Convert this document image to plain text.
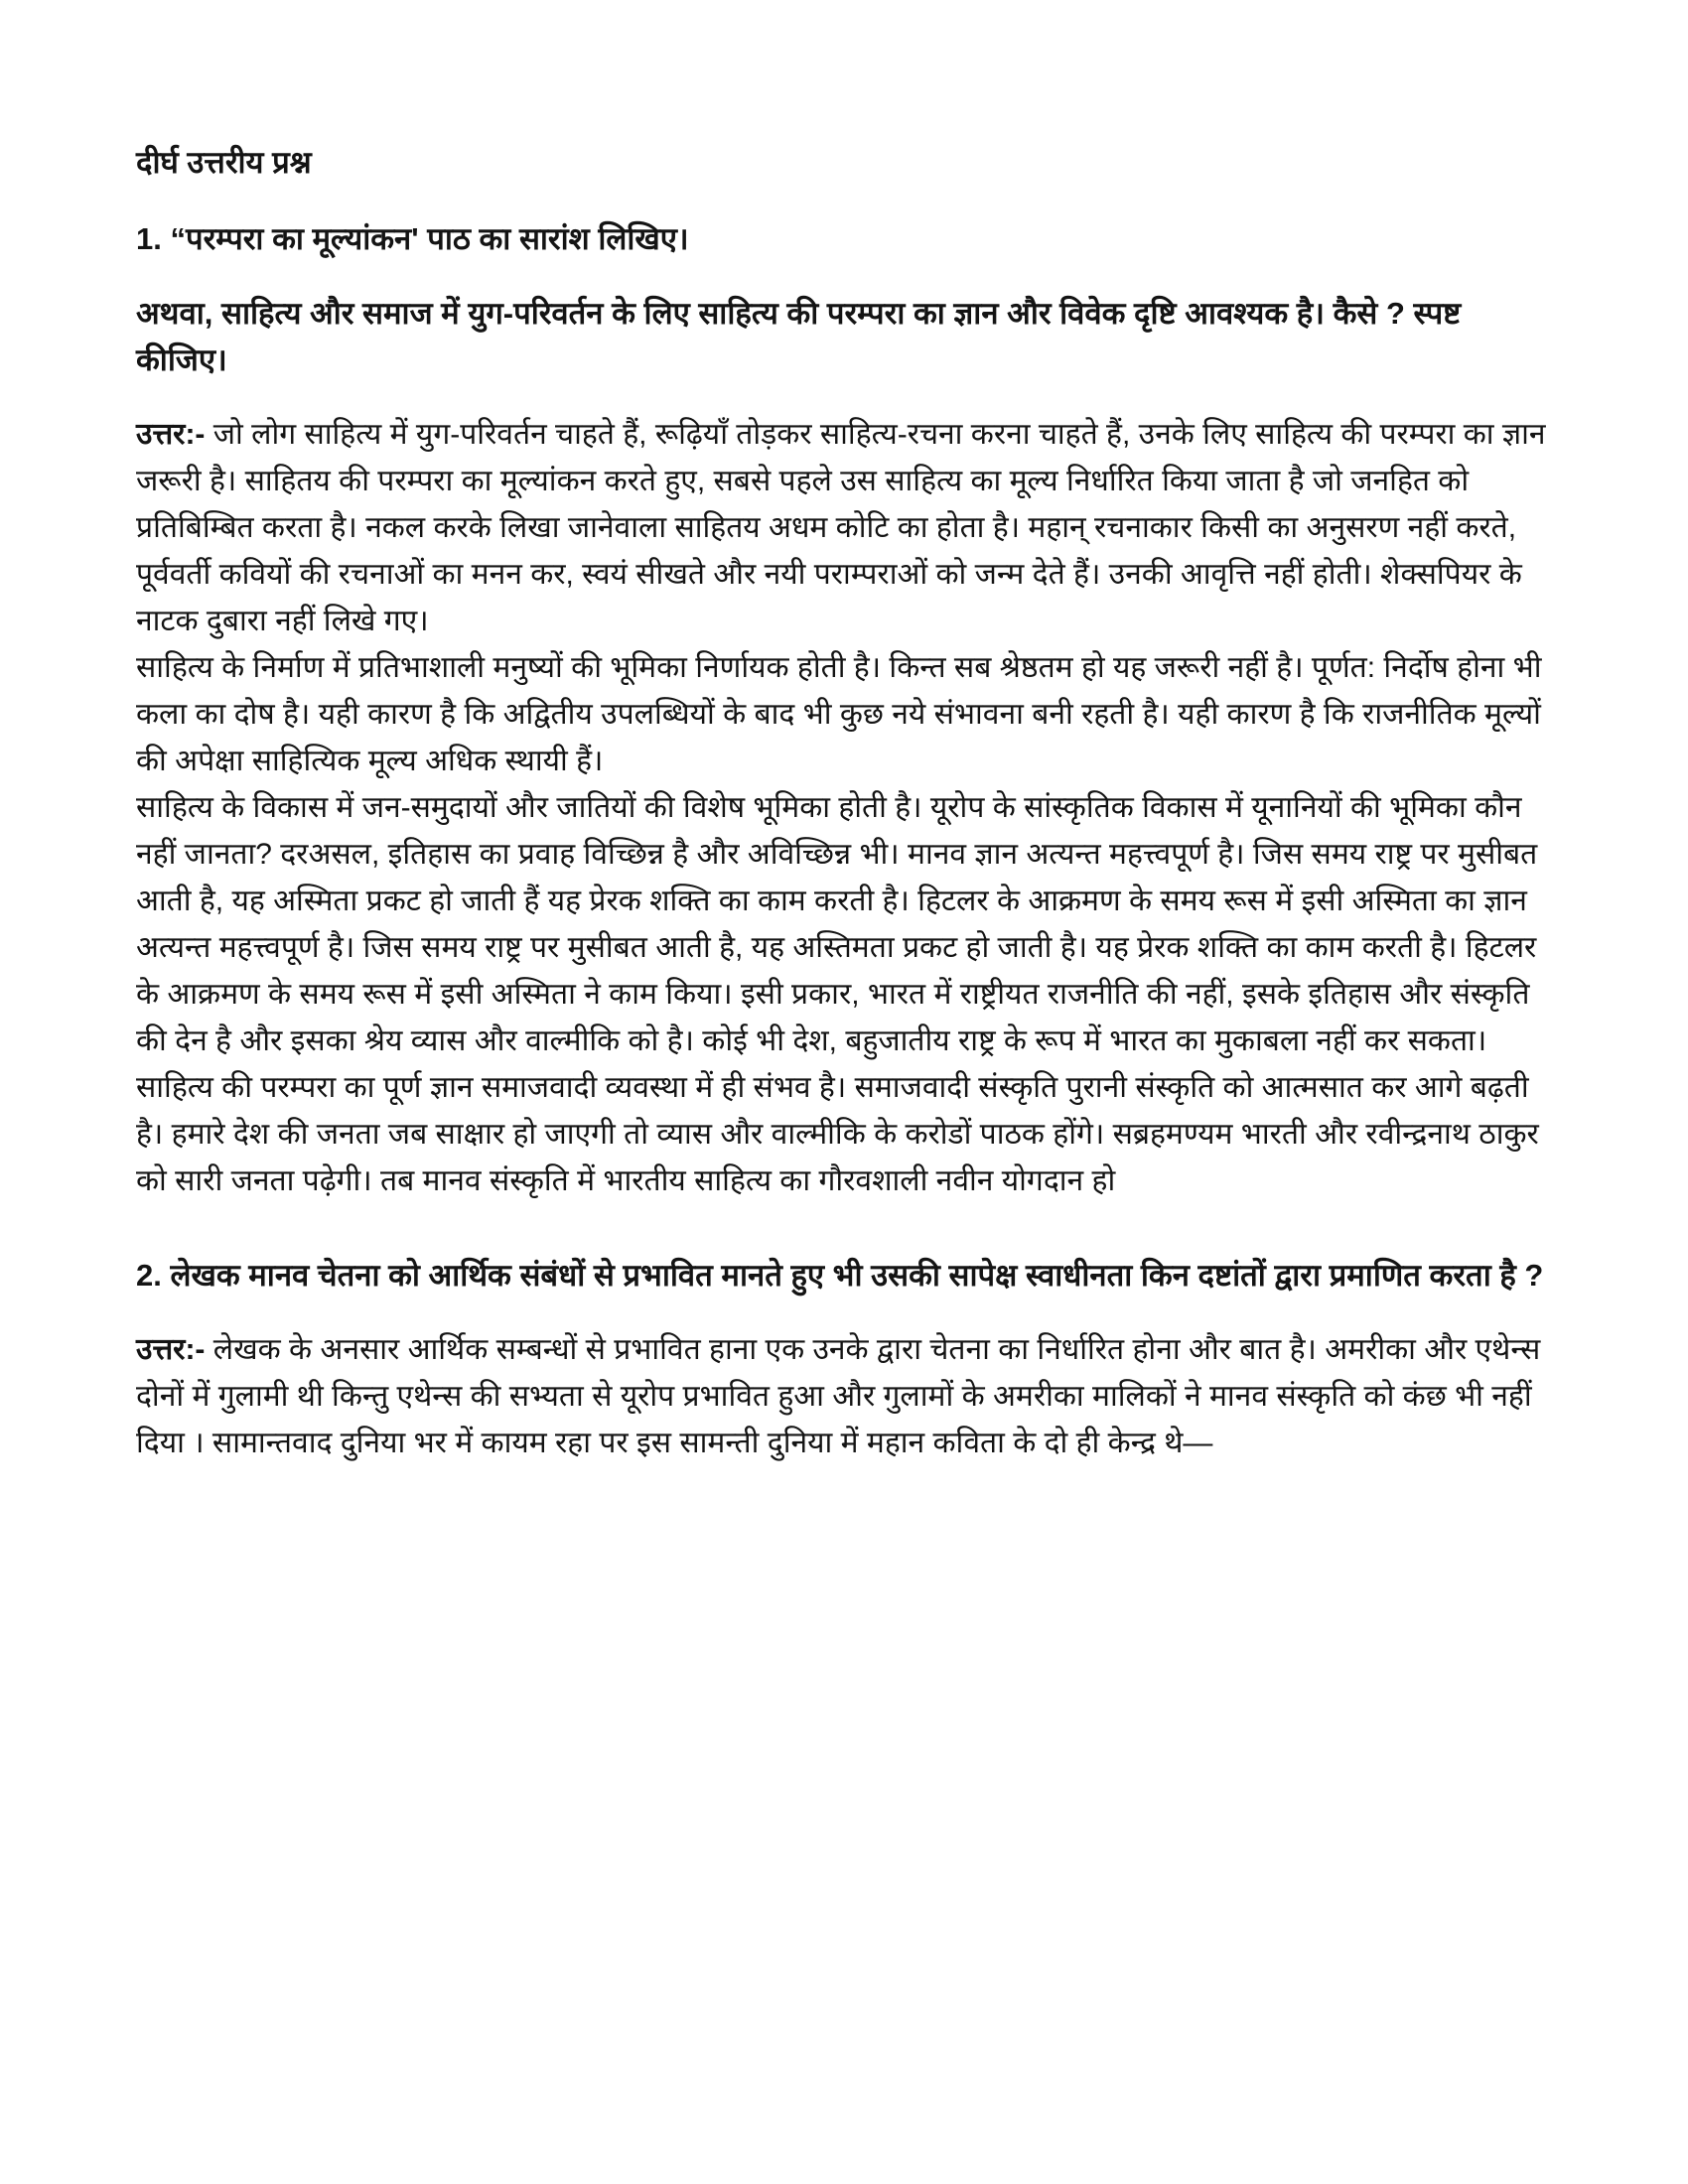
दीर्घ उत्तरीय प्रश्न
1. “परम्परा का मूल्यांकन' पाठ का सारांश लिखिए।
अथवा, साहित्य और समाज में युग-परिवर्तन के लिए साहित्य की परम्परा का ज्ञान और विवेक दृष्टि आवश्यक है। कैसे ? स्पष्ट कीजिए।

उत्तर:- जो लोग साहित्य में युग-परिवर्तन चाहते हैं, रूढ़ियाँ तोड़कर साहित्य-रचना करना चाहते हैं, उनके लिए साहित्य की परम्परा का ज्ञान जरूरी है। साहितय की परम्परा का मूल्यांकन करते हुए, सबसे पहले उस साहित्य का मूल्य निर्धारित किया जाता है जो जनहित को प्रतिबिम्बित करता है। नकल करके लिखा जानेवाला साहितय अधम कोटि का होता है। महान् रचनाकार किसी का अनुसरण नहीं करते, पूर्ववर्ती कवियों की रचनाओं का मनन कर, स्वयं सीखते और नयी पराम्पराओं को जन्म देते हैं। उनकी आवृत्ति नहीं होती। शेक्सपियर के नाटक दुबारा नहीं लिखे गए।

साहित्य के निर्माण में प्रतिभाशाली मनुष्यों की भूमिका निर्णायक होती है। किन्त सब श्रेष्ठतम हो यह जरूरी नहीं है। पूर्णत: निर्दोष होना भी कला का दोष है। यही कारण है कि अद्वितीय उपलब्धियों के बाद भी कुछ नये संभावना बनी रहती है। यही कारण है कि राजनीतिक मूल्यों की अपेक्षा साहित्यिक मूल्य अधिक स्थायी हैं।

साहित्य के विकास में जन-समुदायों और जातियों की विशेष भूमिका होती है। यूरोप के सांस्कृतिक विकास में यूनानियों की भूमिका कौन नहीं जानता? दरअसल, इतिहास का प्रवाह विच्छिन्न है और अविच्छिन्न भी। मानव ज्ञान अत्यन्त महत्त्वपूर्ण है। जिस समय राष्ट्र पर मुसीबत आती है, यह अस्मिता प्रकट हो जाती हैं यह प्रेरक शक्ति का काम करती है। हिटलर के आक्रमण के समय रूस में इसी अस्मिता का ज्ञान अत्यन्त महत्त्वपूर्ण है। जिस समय राष्ट्र पर मुसीबत आती है, यह अस्तिमता प्रकट हो जाती है। यह प्रेरक शक्ति का काम करती है। हिटलर के आक्रमण के समय रूस में इसी अस्मिता ने काम किया। इसी प्रकार, भारत में राष्ट्रीयत राजनीति की नहीं, इसके इतिहास और संस्कृति की देन है और इसका श्रेय व्यास और वाल्मीकि को है। कोई भी देश, बहुजातीय राष्ट्र के रूप में भारत का मुकाबला नहीं कर सकता।

साहित्य की परम्परा का पूर्ण ज्ञान समाजवादी व्यवस्था में ही संभव है। समाजवादी संस्कृति पुरानी संस्कृति को आत्मसात कर आगे बढ़ती है। हमारे देश की जनता जब साक्षार हो जाएगी तो व्यास और वाल्मीकि के करोडों पाठक होंगे। सब्रहमण्यम भारती और रवीन्द्रनाथ ठाकुर को सारी जनता पढ़ेगी। तब मानव संस्कृति में भारतीय साहित्य का गौरवशाली नवीन योगदान हो

2. लेखक मानव चेतना को आर्थिक संबंधों से प्रभावित मानते हुए भी उसकी सापेक्ष स्वाधीनता किन दष्टांतों द्वारा प्रमाणित करता है ?

उत्तर:- लेखक के अनसार आर्थिक सम्बन्धों से प्रभावित हाना एक उनके द्वारा चेतना का निर्धारित होना और बात है। अमरीका और एथेन्स दोनों में गुलामी थी किन्तु एथेन्स की सभ्यता से यूरोप प्रभावित हुआ और गुलामों के अमरीका मालिकों ने मानव संस्कृति को कंछ भी नहीं दिया । सामान्तवाद दुनिया भर में कायम रहा पर इस सामन्ती दुनिया में महान कविता के दो ही केन्द्र थे—
